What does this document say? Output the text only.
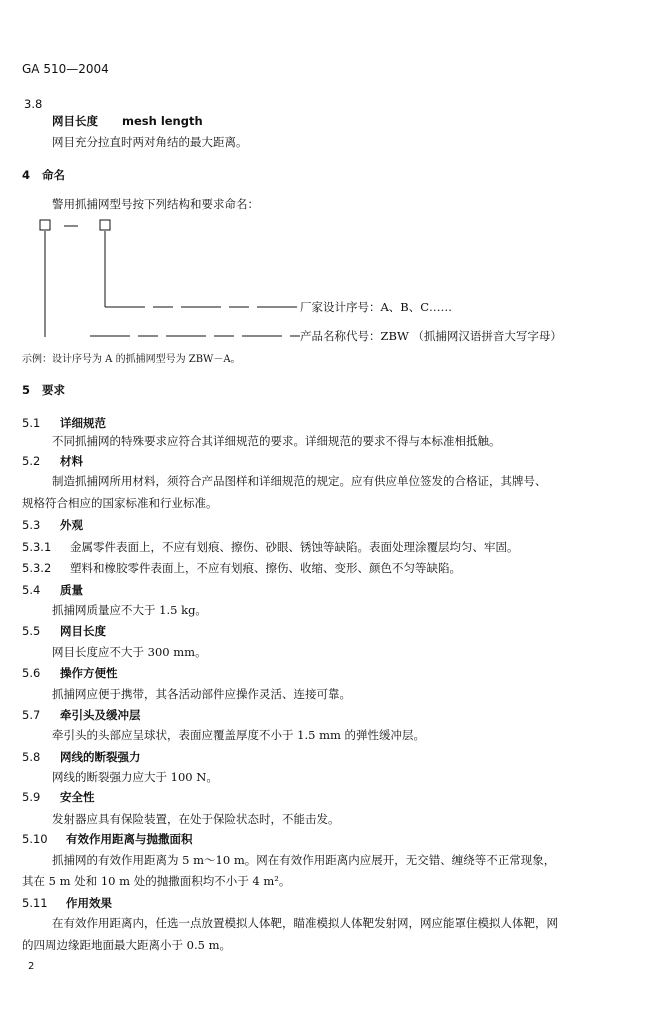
GA 510—2004
3.8
网目长度 mesh length
网目充分拉直时两对角结的最大距离。
4 命名
警用抓捕网型号按下列结构和要求命名：
厂家设计序号：A、B、C……
产品名称代号：ZBW （抓捕网汉语拼音大写字母）
示例：设计序号为 A 的抓捕网型号为 ZBW－A。
5 要求
5.1 详细规范
不同抓捕网的特殊要求应符合其详细规范的要求。详细规范的要求不得与本标准相抵触。
5.2 材料
制造抓捕网所用材料，须符合产品图样和详细规范的规定。应有供应单位签发的合格证，其牌号、
规格符合相应的国家标准和行业标准。
5.3 外观
5.3.1 金属零件表面上，不应有划痕、擦伤、砂眼、锈蚀等缺陷。表面处理涂覆层均匀、牢固。
5.3.2 塑料和橡胶零件表面上，不应有划痕、擦伤、收缩、变形、颜色不匀等缺陷。
5.4 质量
抓捕网质量应不大于 1.5 kg。
5.5 网目长度
网目长度应不大于 300 mm。
5.6 操作方便性
抓捕网应便于携带，其各活动部件应操作灵活、连接可靠。
5.7 牵引头及缓冲层
牵引头的头部应呈球状，表面应覆盖厚度不小于 1.5 mm 的弹性缓冲层。
5.8 网线的断裂强力
网线的断裂强力应大于 100 N。
5.9 安全性
发射器应具有保险装置，在处于保险状态时，不能击发。
5.10 有效作用距离与抛撒面积
抓捕网的有效作用距离为 5 m～10 m。网在有效作用距离内应展开，无交错、缠绕等不正常现象，
其在 5 m 处和 10 m 处的抛撒面积均不小于 4 m²。
5.11 作用效果
在有效作用距离内，任选一点放置模拟人体靶，瞄准模拟人体靶发射网，网应能罩住模拟人体靶，网
的四周边缘距地面最大距离小于 0.5 m。
2
